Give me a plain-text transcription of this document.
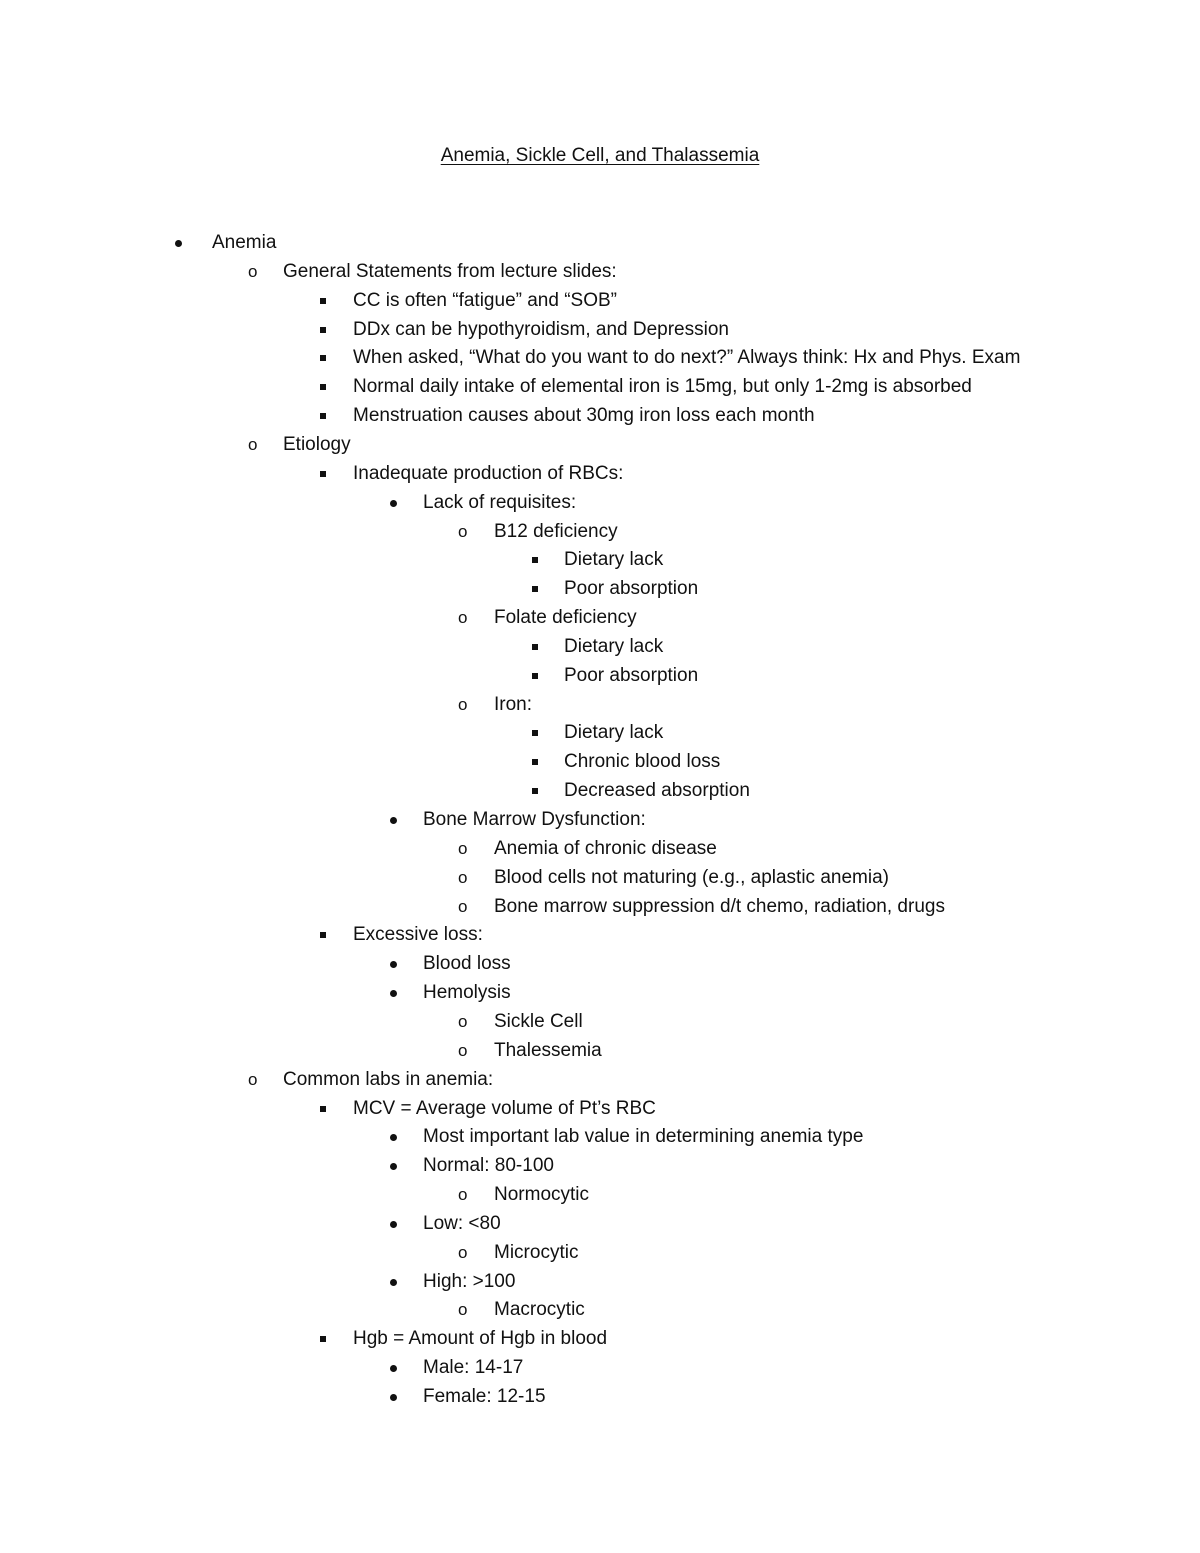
Anemia, Sickle Cell, and Thalassemia
Anemia
o
General Statements from lecture slides:
CC is often “fatigue” and “SOB”
DDx can be hypothyroidism, and Depression
When asked, “What do you want to do next?” Always think: Hx and Phys. Exam
Normal daily intake of elemental iron is 15mg, but only 1-2mg is absorbed
Menstruation causes about 30mg iron loss each month
o
Etiology
Inadequate production of RBCs:
Lack of requisites:
o
B12 deficiency
Dietary lack
Poor absorption
o
Folate deficiency
Dietary lack
Poor absorption
o
Iron:
Dietary lack
Chronic blood loss
Decreased absorption
Bone Marrow Dysfunction:
o
Anemia of chronic disease
o
Blood cells not maturing (e.g., aplastic anemia)
o
Bone marrow suppression d/t chemo, radiation, drugs
Excessive loss:
Blood loss
Hemolysis
o
Sickle Cell
o
Thalessemia
o
Common labs in anemia:
MCV = Average volume of Pt’s RBC
Most important lab value in determining anemia type
Normal: 80-100
o
Normocytic
Low: <80
o
Microcytic
High: >100
o
Macrocytic
Hgb = Amount of Hgb in blood
Male: 14-17
Female: 12-15
